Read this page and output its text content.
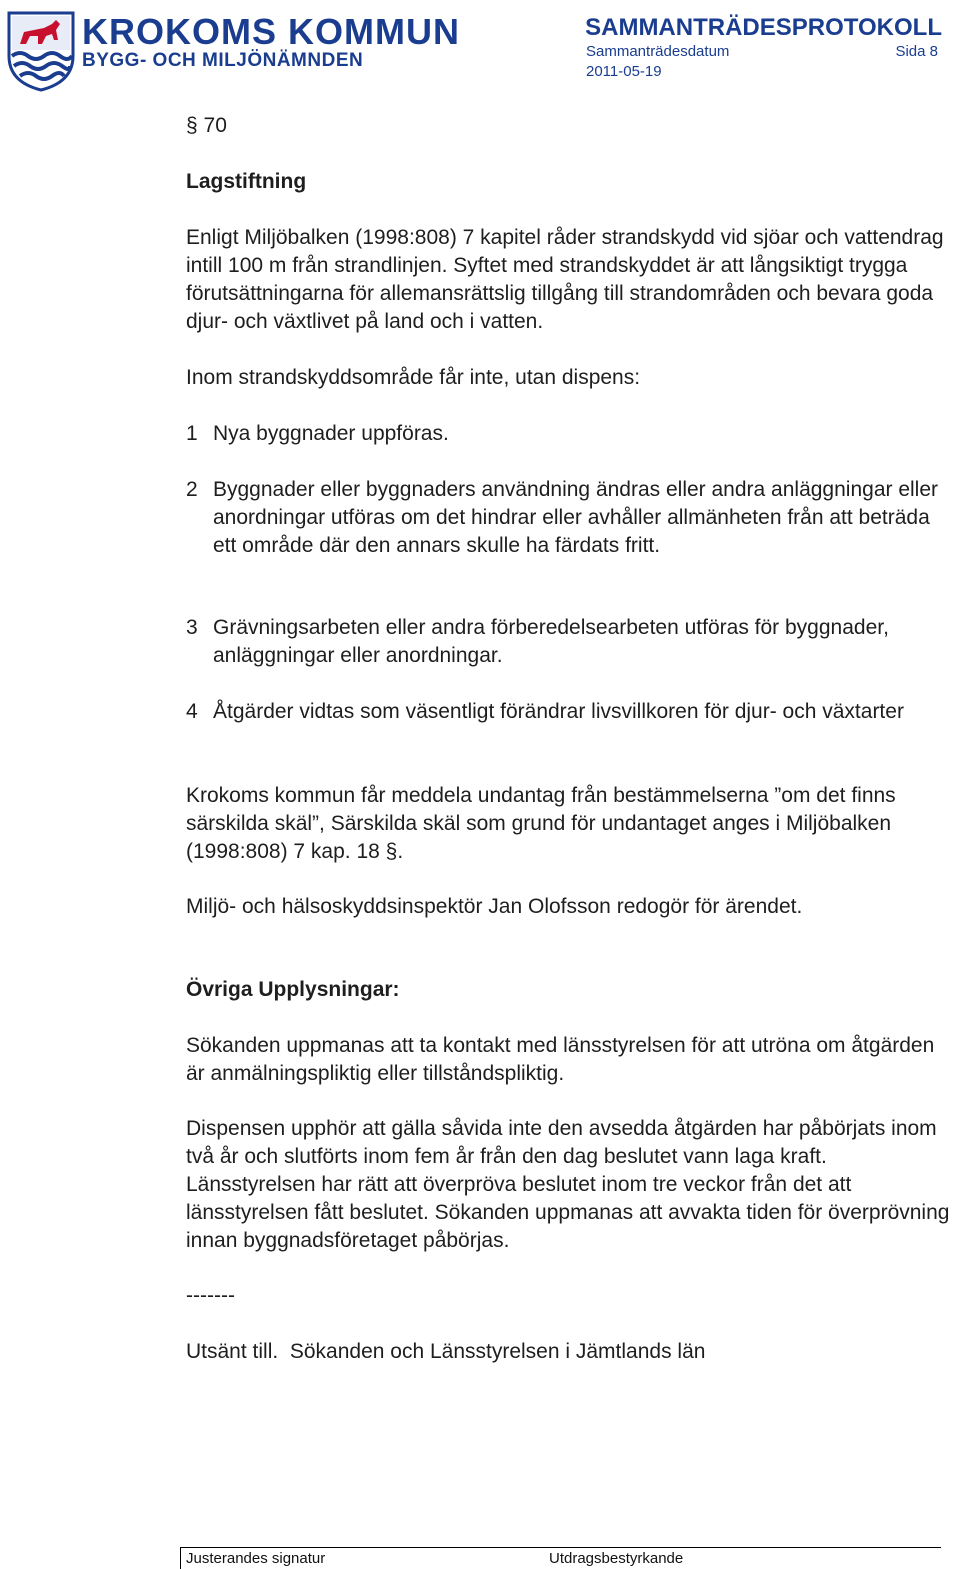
KROKOMS KOMMUN
BYGG- OCH MILJÖNÄMNDEN
SAMMANTRÄDESPROTOKOLL
Sammanträdesdatum	Sida 8
2011-05-19
§ 70
Lagstiftning
Enligt Miljöbalken (1998:808) 7 kapitel råder strandskydd vid sjöar och vattendrag intill 100 m från strandlinjen. Syftet med strandskyddet är att långsiktigt trygga förutsättningarna för allemansrättslig tillgång till strandområden och bevara goda djur- och växtlivet på land och i vatten.
Inom strandskyddsområde får inte, utan dispens:
1 Nya byggnader uppföras.
2 Byggnader eller byggnaders användning ändras eller andra anläggningar eller anordningar utföras om det hindrar eller avhåller allmänheten från att beträda ett område där den annars skulle ha färdats fritt.
3 Grävningsarbeten eller andra förberedelsearbeten utföras för byggnader, anläggningar eller anordningar.
4 Åtgärder vidtas som väsentligt förändrar livsvillkoren för djur- och växtarter
Krokoms kommun får meddela undantag från bestämmelserna ”om det finns särskilda skäl”, Särskilda skäl som grund för undantaget anges i Miljöbalken (1998:808) 7 kap. 18 §.
Miljö- och hälsoskyddsinspektör Jan Olofsson redogör för ärendet.
Övriga Upplysningar:
Sökanden uppmanas att ta kontakt med länsstyrelsen för att utröna om åtgärden är anmälningspliktig eller tillståndspliktig.
Dispensen upphör att gälla såvida inte den avsedda åtgärden har påbörjats inom två år och slutförts inom fem år från den dag beslutet vann laga kraft. Länsstyrelsen har rätt att överpröva beslutet inom tre veckor från det att länsstyrelsen fått beslutet. Sökanden uppmanas att avvakta tiden för överprövning innan byggnadsföretaget påbörjas.
-------
Utsänt till.  Sökanden och Länsstyrelsen i Jämtlands län
Justerandes signatur	Utdragsbestyrkande
